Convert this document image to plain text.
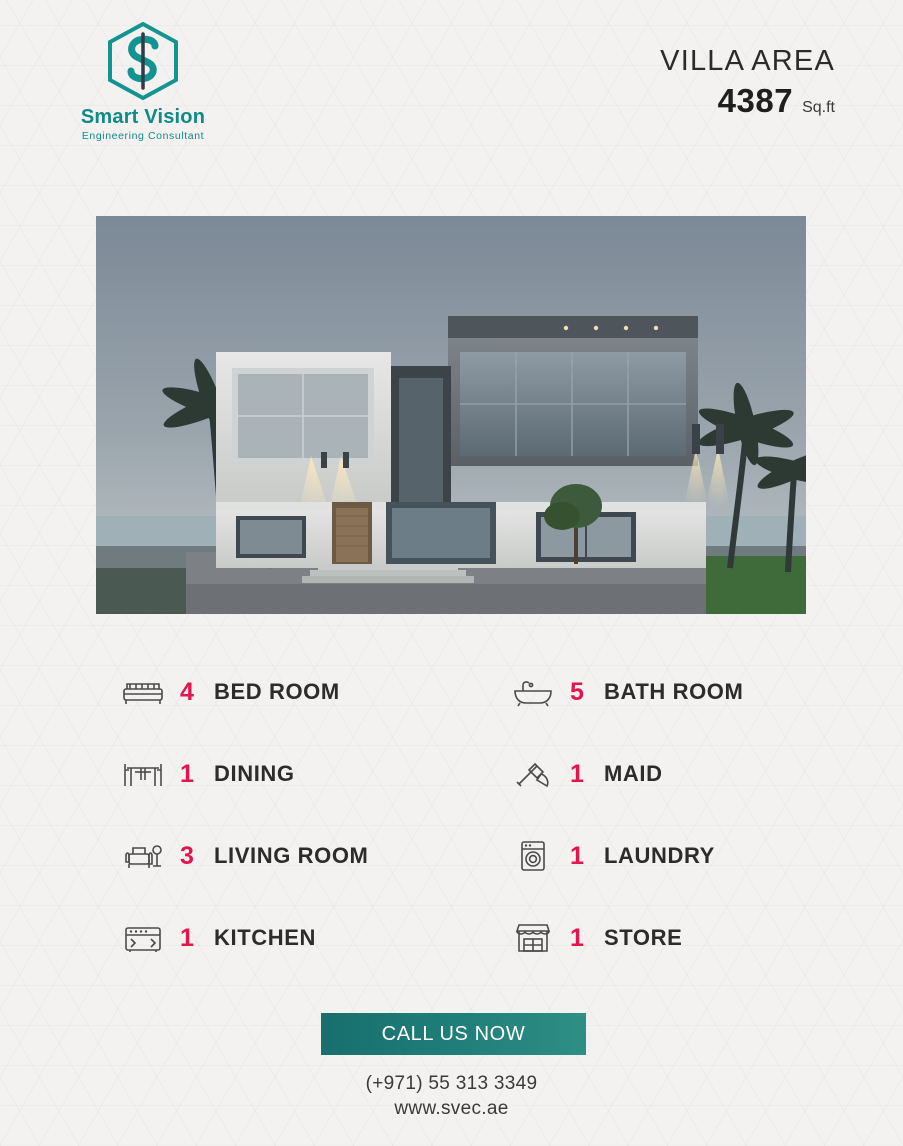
Smart Vision
Engineering Consultant
VILLA AREA
4387 Sq.ft
4 BED ROOM	5 BATH ROOM
1 DINING	1 MAID
3 LIVING ROOM	1 LAUNDRY
1 KITCHEN	1 STORE
CALL US NOW
(+971) 55 313 3349
www.svec.ae
